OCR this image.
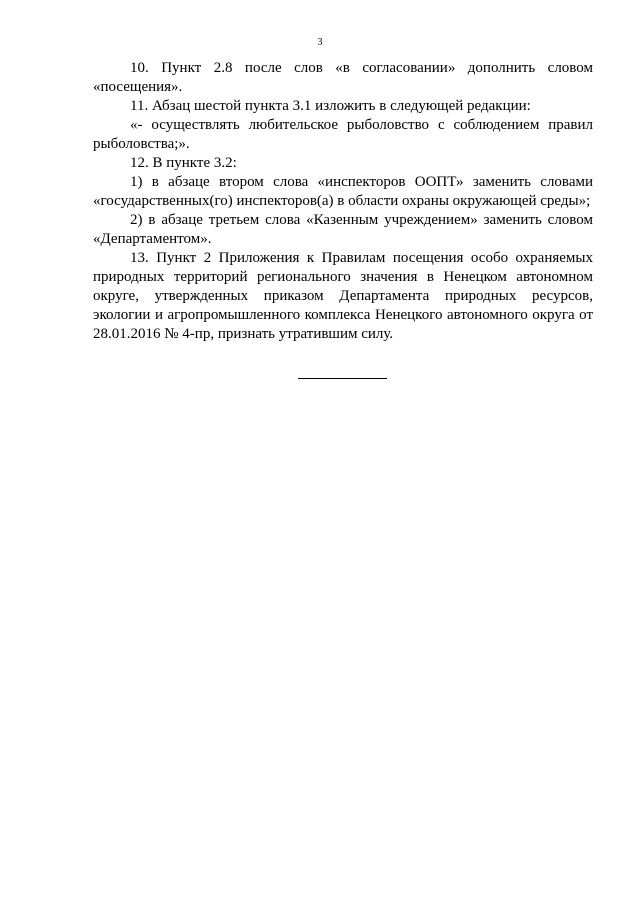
3

10. Пункт 2.8 после слов «в согласовании» дополнить словом «посещения».

11. Абзац шестой пункта 3.1 изложить в следующей редакции:

«- осуществлять любительское рыболовство с соблюдением правил рыболовства;».

12. В пункте 3.2:

1) в абзаце втором слова «инспекторов ООПТ» заменить словами «государственных(го) инспекторов(а) в области охраны окружающей среды»;

2) в абзаце третьем слова «Казенным учреждением» заменить словом «Департаментом».

13. Пункт 2 Приложения к Правилам посещения особо охраняемых природных территорий регионального значения в Ненецком автономном округе, утвержденных приказом Департамента природных ресурсов, экологии и агропромышленного комплекса Ненецкого автономного округа от 28.01.2016 № 4-пр, признать утратившим силу.
